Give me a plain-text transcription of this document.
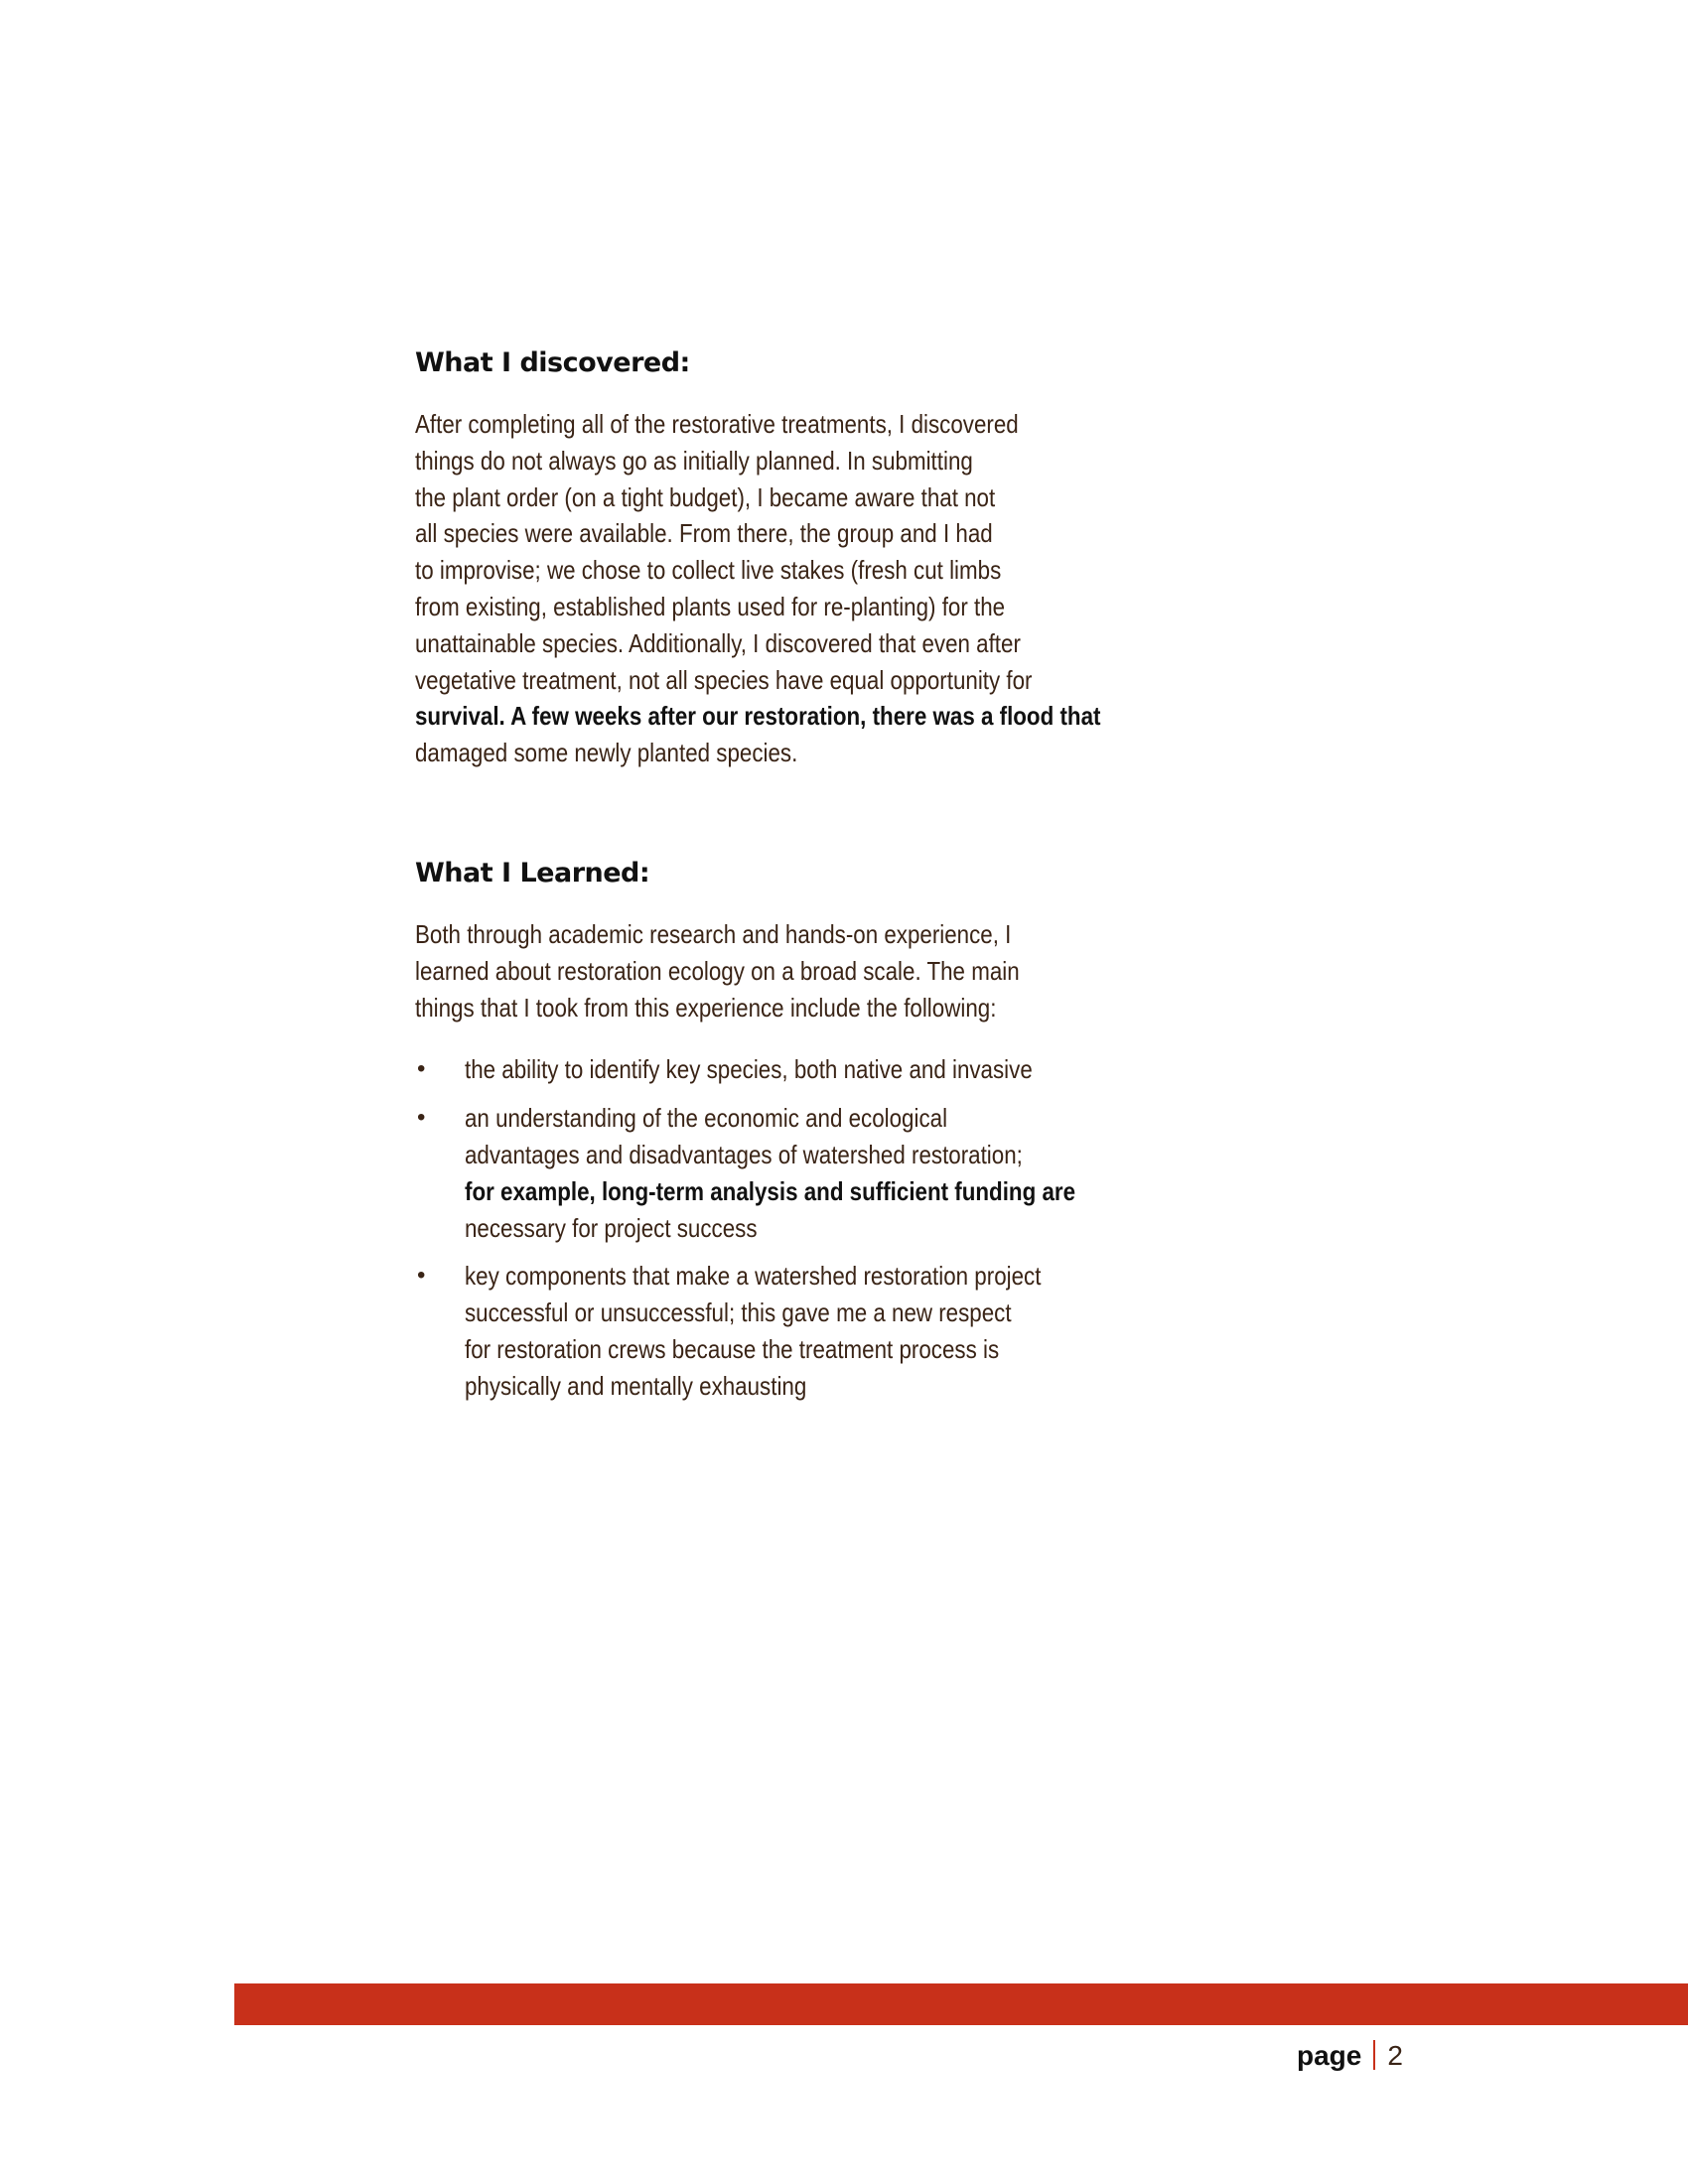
What I discovered:

After completing all of the restorative treatments, I discovered
things do not always go as initially planned. In submitting
the plant order (on a tight budget), I became aware that not
all species were available. From there, the group and I had
to improvise; we chose to collect live stakes (fresh cut limbs
from existing, established plants used for re-planting) for the
unattainable species. Additionally, I discovered that even after
vegetative treatment, not all species have equal opportunity for
survival. A few weeks after our restoration, there was a flood that
damaged some newly planted species.

What I Learned:

Both through academic research and hands-on experience, I
learned about restoration ecology on a broad scale. The main
things that I took from this experience include the following:

• the ability to identify key species, both native and invasive
• an understanding of the economic and ecological
advantages and disadvantages of watershed restoration;
for example, long-term analysis and sufficient funding are
necessary for project success
• key components that make a watershed restoration project
successful or unsuccessful; this gave me a new respect
for restoration crews because the treatment process is
physically and mentally exhausting
page 2
